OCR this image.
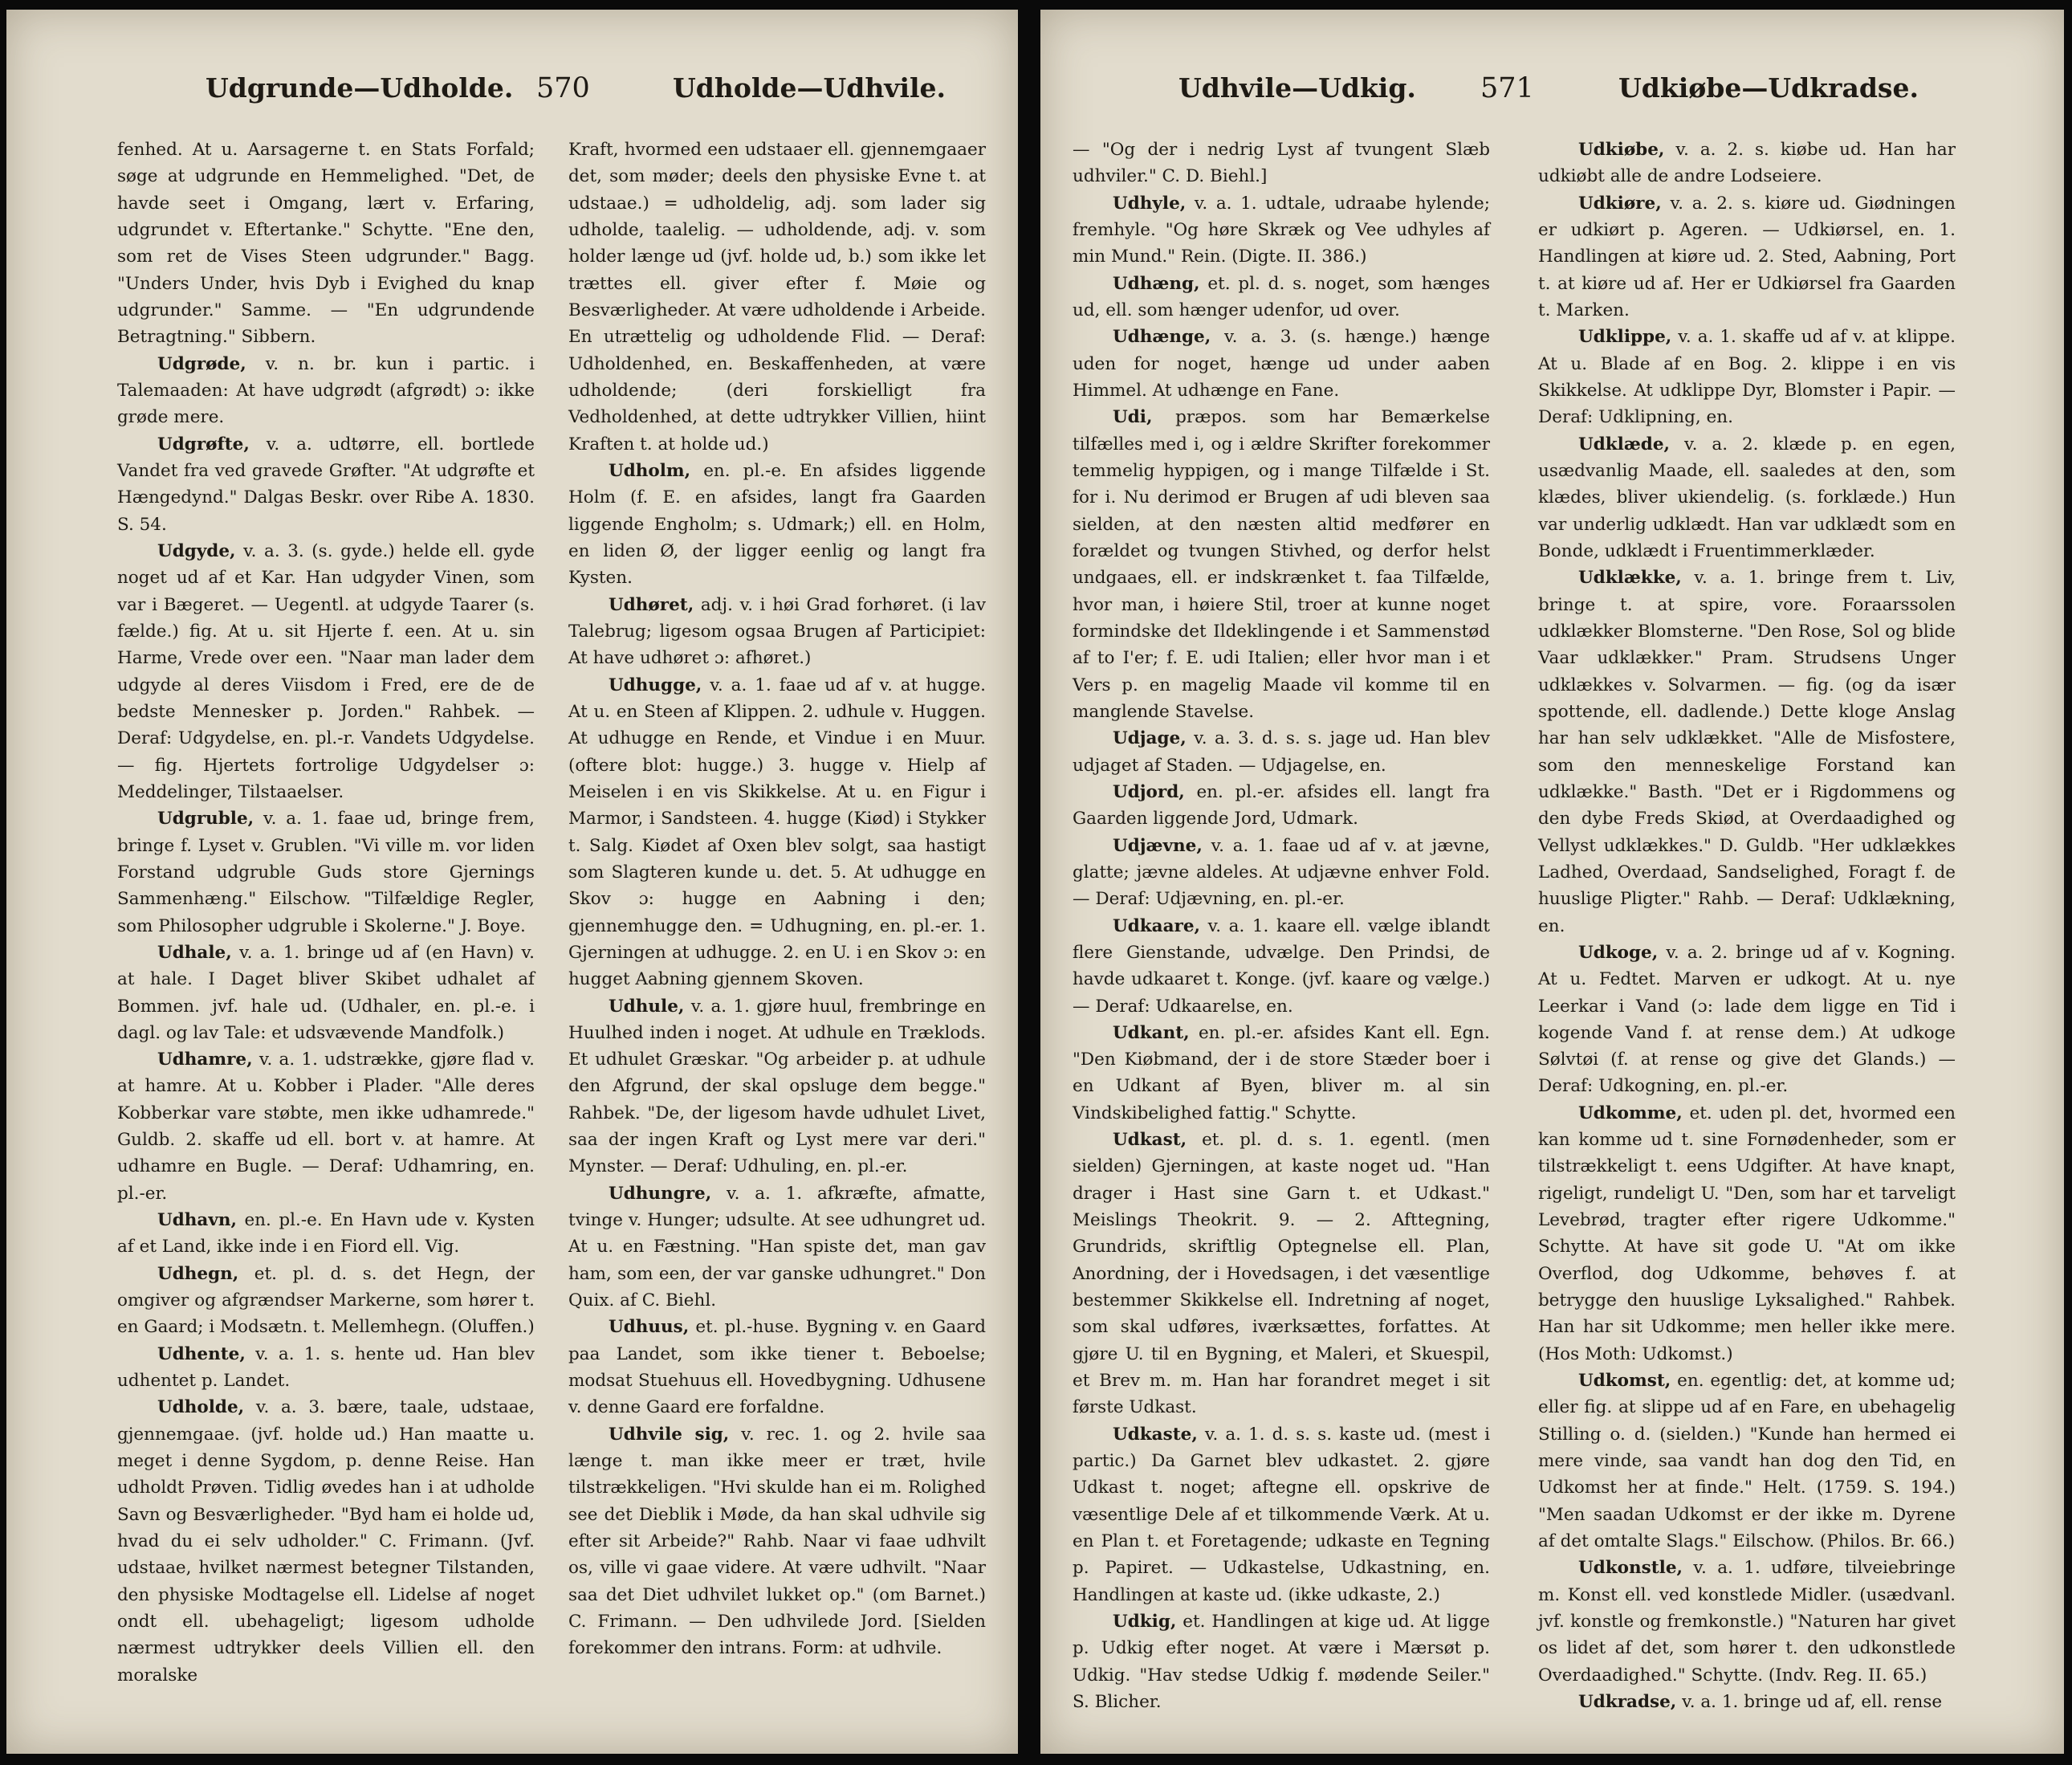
Udgrunde—Udholde. 570	Udholde—Udhvile.

fenhed. At u. Aarsagerne t. en Stats Forfald; søge at udgrunde en Hemmelighed. "Det, de havde seet i Omgang, lært v. Erfaring, udgrundet v. Eftertanke." Schytte. "Ene den, som ret de Vises Steen udgrunder." Bagg. "Unders Under, hvis Dyb i Evighed du knap udgrunder." Samme. — "En udgrundende Betragtning." Sibbern.

Udgrøde, v. n. br. kun i partic. i Talemaaden: At have udgrødt (afgrødt) ɔ: ikke grøde mere.

Udgrøfte, v. a. udtørre, ell. bortlede Vandet fra ved gravede Grøfter. "At udgrøfte et Hængedynd." Dalgas Beskr. over Ribe A. 1830. S. 54.

Udgyde, v. a. 3. (s. gyde.) helde ell. gyde noget ud af et Kar. Han udgyder Vinen, som var i Bægeret. — Uegentl. at udgyde Taarer (s. fælde.) fig. At u. sit Hjerte f. een. At u. sin Harme, Vrede over een. "Naar man lader dem udgyde al deres Viisdom i Fred, ere de de bedste Mennesker p. Jorden." Rahbek. — Deraf: Udgydelse, en. pl.-r. Vandets Udgydelse. — fig. Hjertets fortrolige Udgydelser ɔ: Meddelinger, Tilstaaelser.

Udgruble, v. a. 1. faae ud, bringe frem, bringe f. Lyset v. Grublen. "Vi ville m. vor liden Forstand udgruble Guds store Gjernings Sammenhæng." Eilschow. "Tilfældige Regler, som Philosopher udgruble i Skolerne." J. Boye.

Udhale, v. a. 1. bringe ud af (en Havn) v. at hale. I Daget bliver Skibet udhalet af Bommen. jvf. hale ud. (Udhaler, en. pl.-e. i dagl. og lav Tale: et udsvævende Mandfolk.)

Udhamre, v. a. 1. udstrække, gjøre flad v. at hamre. At u. Kobber i Plader. "Alle deres Kobberkar vare støbte, men ikke udhamrede." Guldb. 2. skaffe ud ell. bort v. at hamre. At udhamre en Bugle. — Deraf: Udhamring, en. pl.-er.

Udhavn, en. pl.-e. En Havn ude v. Kysten af et Land, ikke inde i en Fiord ell. Vig.

Udhegn, et. pl. d. s. det Hegn, der omgiver og afgrændser Markerne, som hører t. en Gaard; i Modsætn. t. Mellemhegn. (Oluffen.)

Udhente, v. a. 1. s. hente ud. Han blev udhentet p. Landet.

Udholde, v. a. 3. bære, taale, udstaae, gjennemgaae. (jvf. holde ud.) Han maatte u. meget i denne Sygdom, p. denne Reise. Han udholdt Prøven. Tidlig øvedes han i at udholde Savn og Besværligheder. "Byd ham ei holde ud, hvad du ei selv udholder." C. Frimann. (Jvf. udstaae, hvilket nærmest betegner Tilstanden, den physiske Modtagelse ell. Lidelse af noget ondt ell. ubehageligt; ligesom udholde nærmest udtrykker deels Villien ell. den moralske

Kraft, hvormed een udstaaer ell. gjennemgaaer det, som møder; deels den physiske Evne t. at udstaae.) = udholdelig, adj. som lader sig udholde, taalelig. — udholdende, adj. v. som holder længe ud (jvf. holde ud, b.) som ikke let trættes ell. giver efter f. Møie og Besværligheder. At være udholdende i Arbeide. En utrættelig og udholdende Flid. — Deraf: Udholdenhed, en. Beskaffenheden, at være udholdende; (deri forskielligt fra Vedholdenhed, at dette udtrykker Villien, hiint Kraften t. at holde ud.)

Udholm, en. pl.-e. En afsides liggende Holm (f. E. en afsides, langt fra Gaarden liggende Engholm; s. Udmark;) ell. en Holm, en liden Ø, der ligger eenlig og langt fra Kysten.

Udhøret, adj. v. i høi Grad forhøret. (i lav Talebrug; ligesom ogsaa Brugen af Participiet: At have udhøret ɔ: afhøret.)

Udhugge, v. a. 1. faae ud af v. at hugge. At u. en Steen af Klippen. 2. udhule v. Huggen. At udhugge en Rende, et Vindue i en Muur. (oftere blot: hugge.) 3. hugge v. Hielp af Meiselen i en vis Skikkelse. At u. en Figur i Marmor, i Sandsteen. 4. hugge (Kiød) i Stykker t. Salg. Kiødet af Oxen blev solgt, saa hastigt som Slagteren kunde u. det. 5. At udhugge en Skov ɔ: hugge en Aabning i den; gjennemhugge den. = Udhugning, en. pl.-er. 1. Gjerningen at udhugge. 2. en U. i en Skov ɔ: en hugget Aabning gjennem Skoven.

Udhule, v. a. 1. gjøre huul, frembringe en Huulhed inden i noget. At udhule en Træklods. Et udhulet Græskar. "Og arbeider p. at udhule den Afgrund, der skal opsluge dem begge." Rahbek. "De, der ligesom havde udhulet Livet, saa der ingen Kraft og Lyst mere var deri." Mynster. — Deraf: Udhuling, en. pl.-er.

Udhungre, v. a. 1. afkræfte, afmatte, tvinge v. Hunger; udsulte. At see udhungret ud. At u. en Fæstning. "Han spiste det, man gav ham, som een, der var ganske udhungret." Don Quix. af C. Biehl.

Udhuus, et. pl.-huse. Bygning v. en Gaard paa Landet, som ikke tiener t. Beboelse; modsat Stuehuus ell. Hovedbygning. Udhusene v. denne Gaard ere forfaldne.

Udhvile sig, v. rec. 1. og 2. hvile saa længe t. man ikke meer er træt, hvile tilstrækkeligen. "Hvi skulde han ei m. Rolighed see det Dieblik i Møde, da han skal udhvile sig efter sit Arbeide?" Rahb. Naar vi faae udhvilt os, ville vi gaae videre. At være udhvilt. "Naar saa det Diet udhvilet lukket op." (om Barnet.) C. Frimann. — Den udhvilede Jord. [Sielden forekommer den intrans. Form: at udhvile.

Udhvile—Udkig. 571	Udkiøbe—Udkradse.

— "Og der i nedrig Lyst af tvungent Slæb udhviler." C. D. Biehl.]

Udhyle, v. a. 1. udtale, udraabe hylende; fremhyle. "Og høre Skræk og Vee udhyles af min Mund." Rein. (Digte. II. 386.)

Udhæng, et. pl. d. s. noget, som hænges ud, ell. som hænger udenfor, ud over.

Udhænge, v. a. 3. (s. hænge.) hænge uden for noget, hænge ud under aaben Himmel. At udhænge en Fane.

Udi, præpos. som har Bemærkelse tilfælles med i, og i ældre Skrifter forekommer temmelig hyppigen, og i mange Tilfælde i St. for i. Nu derimod er Brugen af udi bleven saa sielden, at den næsten altid medfører en forældet og tvungen Stivhed, og derfor helst undgaaes, ell. er indskrænket t. faa Tilfælde, hvor man, i høiere Stil, troer at kunne noget formindske det Ildeklingende i et Sammenstød af to I'er; f. E. udi Italien; eller hvor man i et Vers p. en magelig Maade vil komme til en manglende Stavelse.

Udjage, v. a. 3. d. s. s. jage ud. Han blev udjaget af Staden. — Udjagelse, en.

Udjord, en. pl.-er. afsides ell. langt fra Gaarden liggende Jord, Udmark.

Udjævne, v. a. 1. faae ud af v. at jævne, glatte; jævne aldeles. At udjævne enhver Fold. — Deraf: Udjævning, en. pl.-er.

Udkaare, v. a. 1. kaare ell. vælge iblandt flere Gienstande, udvælge. Den Prindsi, de havde udkaaret t. Konge. (jvf. kaare og vælge.) — Deraf: Udkaarelse, en.

Udkant, en. pl.-er. afsides Kant ell. Egn. "Den Kiøbmand, der i de store Stæder boer i en Udkant af Byen, bliver m. al sin Vindskibelighed fattig." Schytte.

Udkast, et. pl. d. s. 1. egentl. (men sielden) Gjerningen, at kaste noget ud. "Han drager i Hast sine Garn t. et Udkast." Meislings Theokrit. 9. — 2. Afttegning, Grundrids, skriftlig Optegnelse ell. Plan, Anordning, der i Hovedsagen, i det væsentlige bestemmer Skikkelse ell. Indretning af noget, som skal udføres, iværksættes, forfattes. At gjøre U. til en Bygning, et Maleri, et Skuespil, et Brev m. m. Han har forandret meget i sit første Udkast.

Udkaste, v. a. 1. d. s. s. kaste ud. (mest i partic.) Da Garnet blev udkastet. 2. gjøre Udkast t. noget; aftegne ell. opskrive de væsentlige Dele af et tilkommende Værk. At u. en Plan t. et Foretagende; udkaste en Tegning p. Papiret. — Udkastelse, Udkastning, en. Handlingen at kaste ud. (ikke udkaste, 2.)

Udkig, et. Handlingen at kige ud. At ligge p. Udkig efter noget. At være i Mærsøt p. Udkig. "Hav stedse Udkig f. mødende Seiler." S. Blicher.

Udkiøbe, v. a. 2. s. kiøbe ud. Han har udkiøbt alle de andre Lodseiere.

Udkiøre, v. a. 2. s. kiøre ud. Giødningen er udkiørt p. Ageren. — Udkiørsel, en. 1. Handlingen at kiøre ud. 2. Sted, Aabning, Port t. at kiøre ud af. Her er Udkiørsel fra Gaarden t. Marken.

Udklippe, v. a. 1. skaffe ud af v. at klippe. At u. Blade af en Bog. 2. klippe i en vis Skikkelse. At udklippe Dyr, Blomster i Papir. — Deraf: Udklipning, en.

Udklæde, v. a. 2. klæde p. en egen, usædvanlig Maade, ell. saaledes at den, som klædes, bliver ukiendelig. (s. forklæde.) Hun var underlig udklædt. Han var udklædt som en Bonde, udklædt i Fruentimmerklæder.

Udklække, v. a. 1. bringe frem t. Liv, bringe t. at spire, vore. Foraarssolen udklækker Blomsterne. "Den Rose, Sol og blide Vaar udklækker." Pram. Strudsens Unger udklækkes v. Solvarmen. — fig. (og da især spottende, ell. dadlende.) Dette kloge Anslag har han selv udklækket. "Alle de Misfostere, som den menneskelige Forstand kan udklække." Basth. "Det er i Rigdommens og den dybe Freds Skiød, at Overdaadighed og Vellyst udklækkes." D. Guldb. "Her udklækkes Ladhed, Overdaad, Sandselighed, Foragt f. de huuslige Pligter." Rahb. — Deraf: Udklækning, en.

Udkoge, v. a. 2. bringe ud af v. Kogning. At u. Fedtet. Marven er udkogt. At u. nye Leerkar i Vand (ɔ: lade dem ligge en Tid i kogende Vand f. at rense dem.) At udkoge Sølvtøi (f. at rense og give det Glands.) — Deraf: Udkogning, en. pl.-er.

Udkomme, et. uden pl. det, hvormed een kan komme ud t. sine Fornødenheder, som er tilstrækkeligt t. eens Udgifter. At have knapt, rigeligt, rundeligt U. "Den, som har et tarveligt Levebrød, tragter efter rigere Udkomme." Schytte. At have sit gode U. "At om ikke Overflod, dog Udkomme, behøves f. at betrygge den huuslige Lyksalighed." Rahbek. Han har sit Udkomme; men heller ikke mere. (Hos Moth: Udkomst.)

Udkomst, en. egentlig: det, at komme ud; eller fig. at slippe ud af en Fare, en ubehagelig Stilling o. d. (sielden.) "Kunde han hermed ei mere vinde, saa vandt han dog den Tid, en Udkomst her at finde." Helt. (1759. S. 194.) "Men saadan Udkomst er der ikke m. Dyrene af det omtalte Slags." Eilschow. (Philos. Br. 66.)

Udkonstle, v. a. 1. udføre, tilveiebringe m. Konst ell. ved konstlede Midler. (usædvanl. jvf. konstle og fremkonstle.) "Naturen har givet os lidet af det, som hører t. den udkonstlede Overdaadighed." Schytte. (Indv. Reg. II. 65.)

Udkradse, v. a. 1. bringe ud af, ell. rense
